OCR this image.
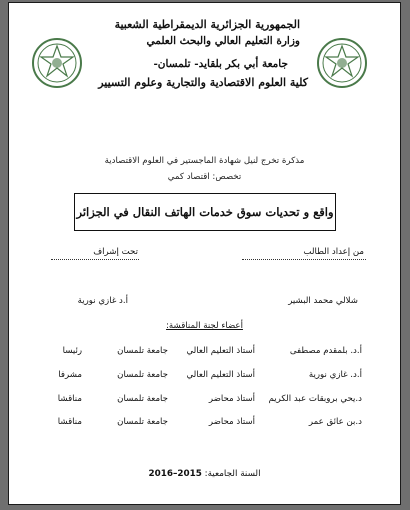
الجمهورية الجزائرية الديمقراطية الشعبية
وزارة التعليم العالي والبحث العلمي
جامعة أبي بكر بلقايد- تلمسان-
كلية العلوم الاقتصادية والتجارية وعلوم التسيير
مذكرة تخرج لنيل شهادة الماجستير في العلوم الاقتصادية
تخصص: اقتصاد كمي
واقع و تحديات سوق خدمات الهاتف النقال في الجزائر
من إعداد الطالب
تحت إشراف
شلالي محمد البشير
أ.د غازي نورية
أعضاء لجنة المناقشة:
أ.د. بلمقدم مصطفى
أستاذ التعليم العالي
جامعة تلمسان
رئيسا
أ.د. غازي نورية
أستاذ التعليم العالي
جامعة تلمسان
مشرفا
د.يحي بروبقات عبد الكريم
أستاذ محاضر
جامعة تلمسان
مناقشا
د.بن عائق عمر
أستاذ محاضر
جامعة تلمسان
مناقشا
السنة الجامعية: 2015–2016
